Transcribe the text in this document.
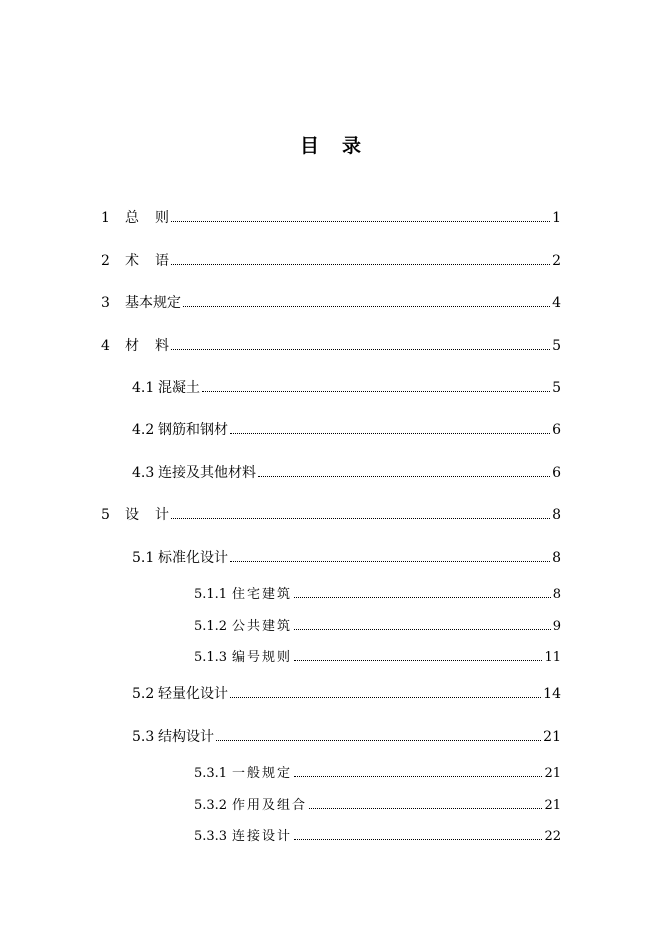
目 录
1	总则	1
2	术语	2
3	基本规定	4
4	材料	5
4.1 混凝土	5
4.2 钢筋和钢材	6
4.3 连接及其他材料	6
5	设计	8
5.1 标准化设计	8
5.1.1 住宅建筑	8
5.1.2 公共建筑	9
5.1.3 编号规则	11
5.2 轻量化设计	14
5.3 结构设计	21
5.3.1 一般规定	21
5.3.2 作用及组合	21
5.3.3 连接设计	22
